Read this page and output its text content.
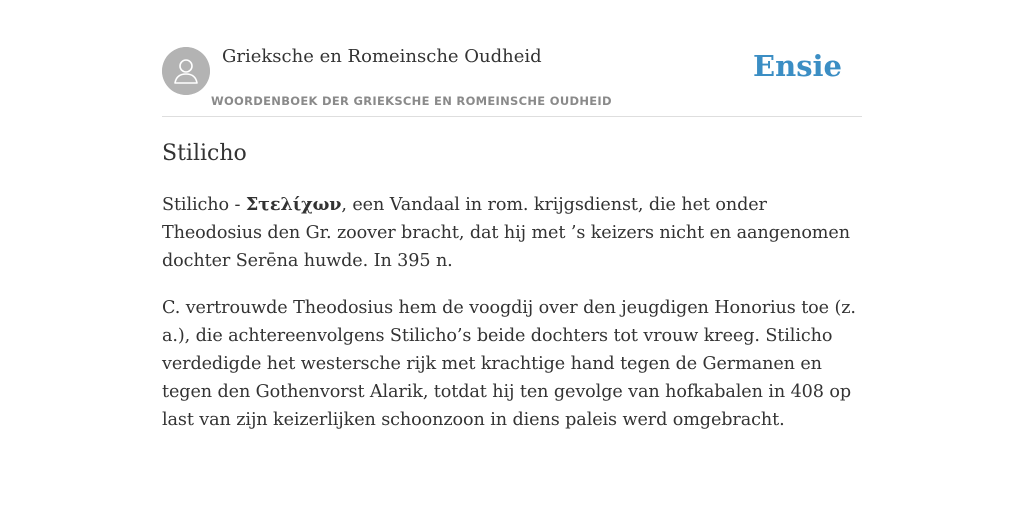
Grieksche en Romeinsche Oudheid
WOORDENBOEK DER GRIEKSCHE EN ROMEINSCHE OUDHEID
Ensie
Stilicho

Stilicho - Στελίχων, een Vandaal in rom. krijgsdienst, die het onder Theodosius den Gr. zoover bracht, dat hij met ’s keizers nicht en aangenomen dochter Serēna huwde. In 395 n.

C. vertrouwde Theodosius hem de voogdij over den jeugdigen Honorius toe (z. a.), die achtereenvolgens Stilicho’s beide dochters tot vrouw kreeg. Stilicho verdedigde het westersche rijk met krachtige hand tegen de Germanen en tegen den Gothenvorst Alarik, totdat hij ten gevolge van hofkabalen in 408 op last van zijn keizerlijken schoonzoon in diens paleis werd omgebracht.
